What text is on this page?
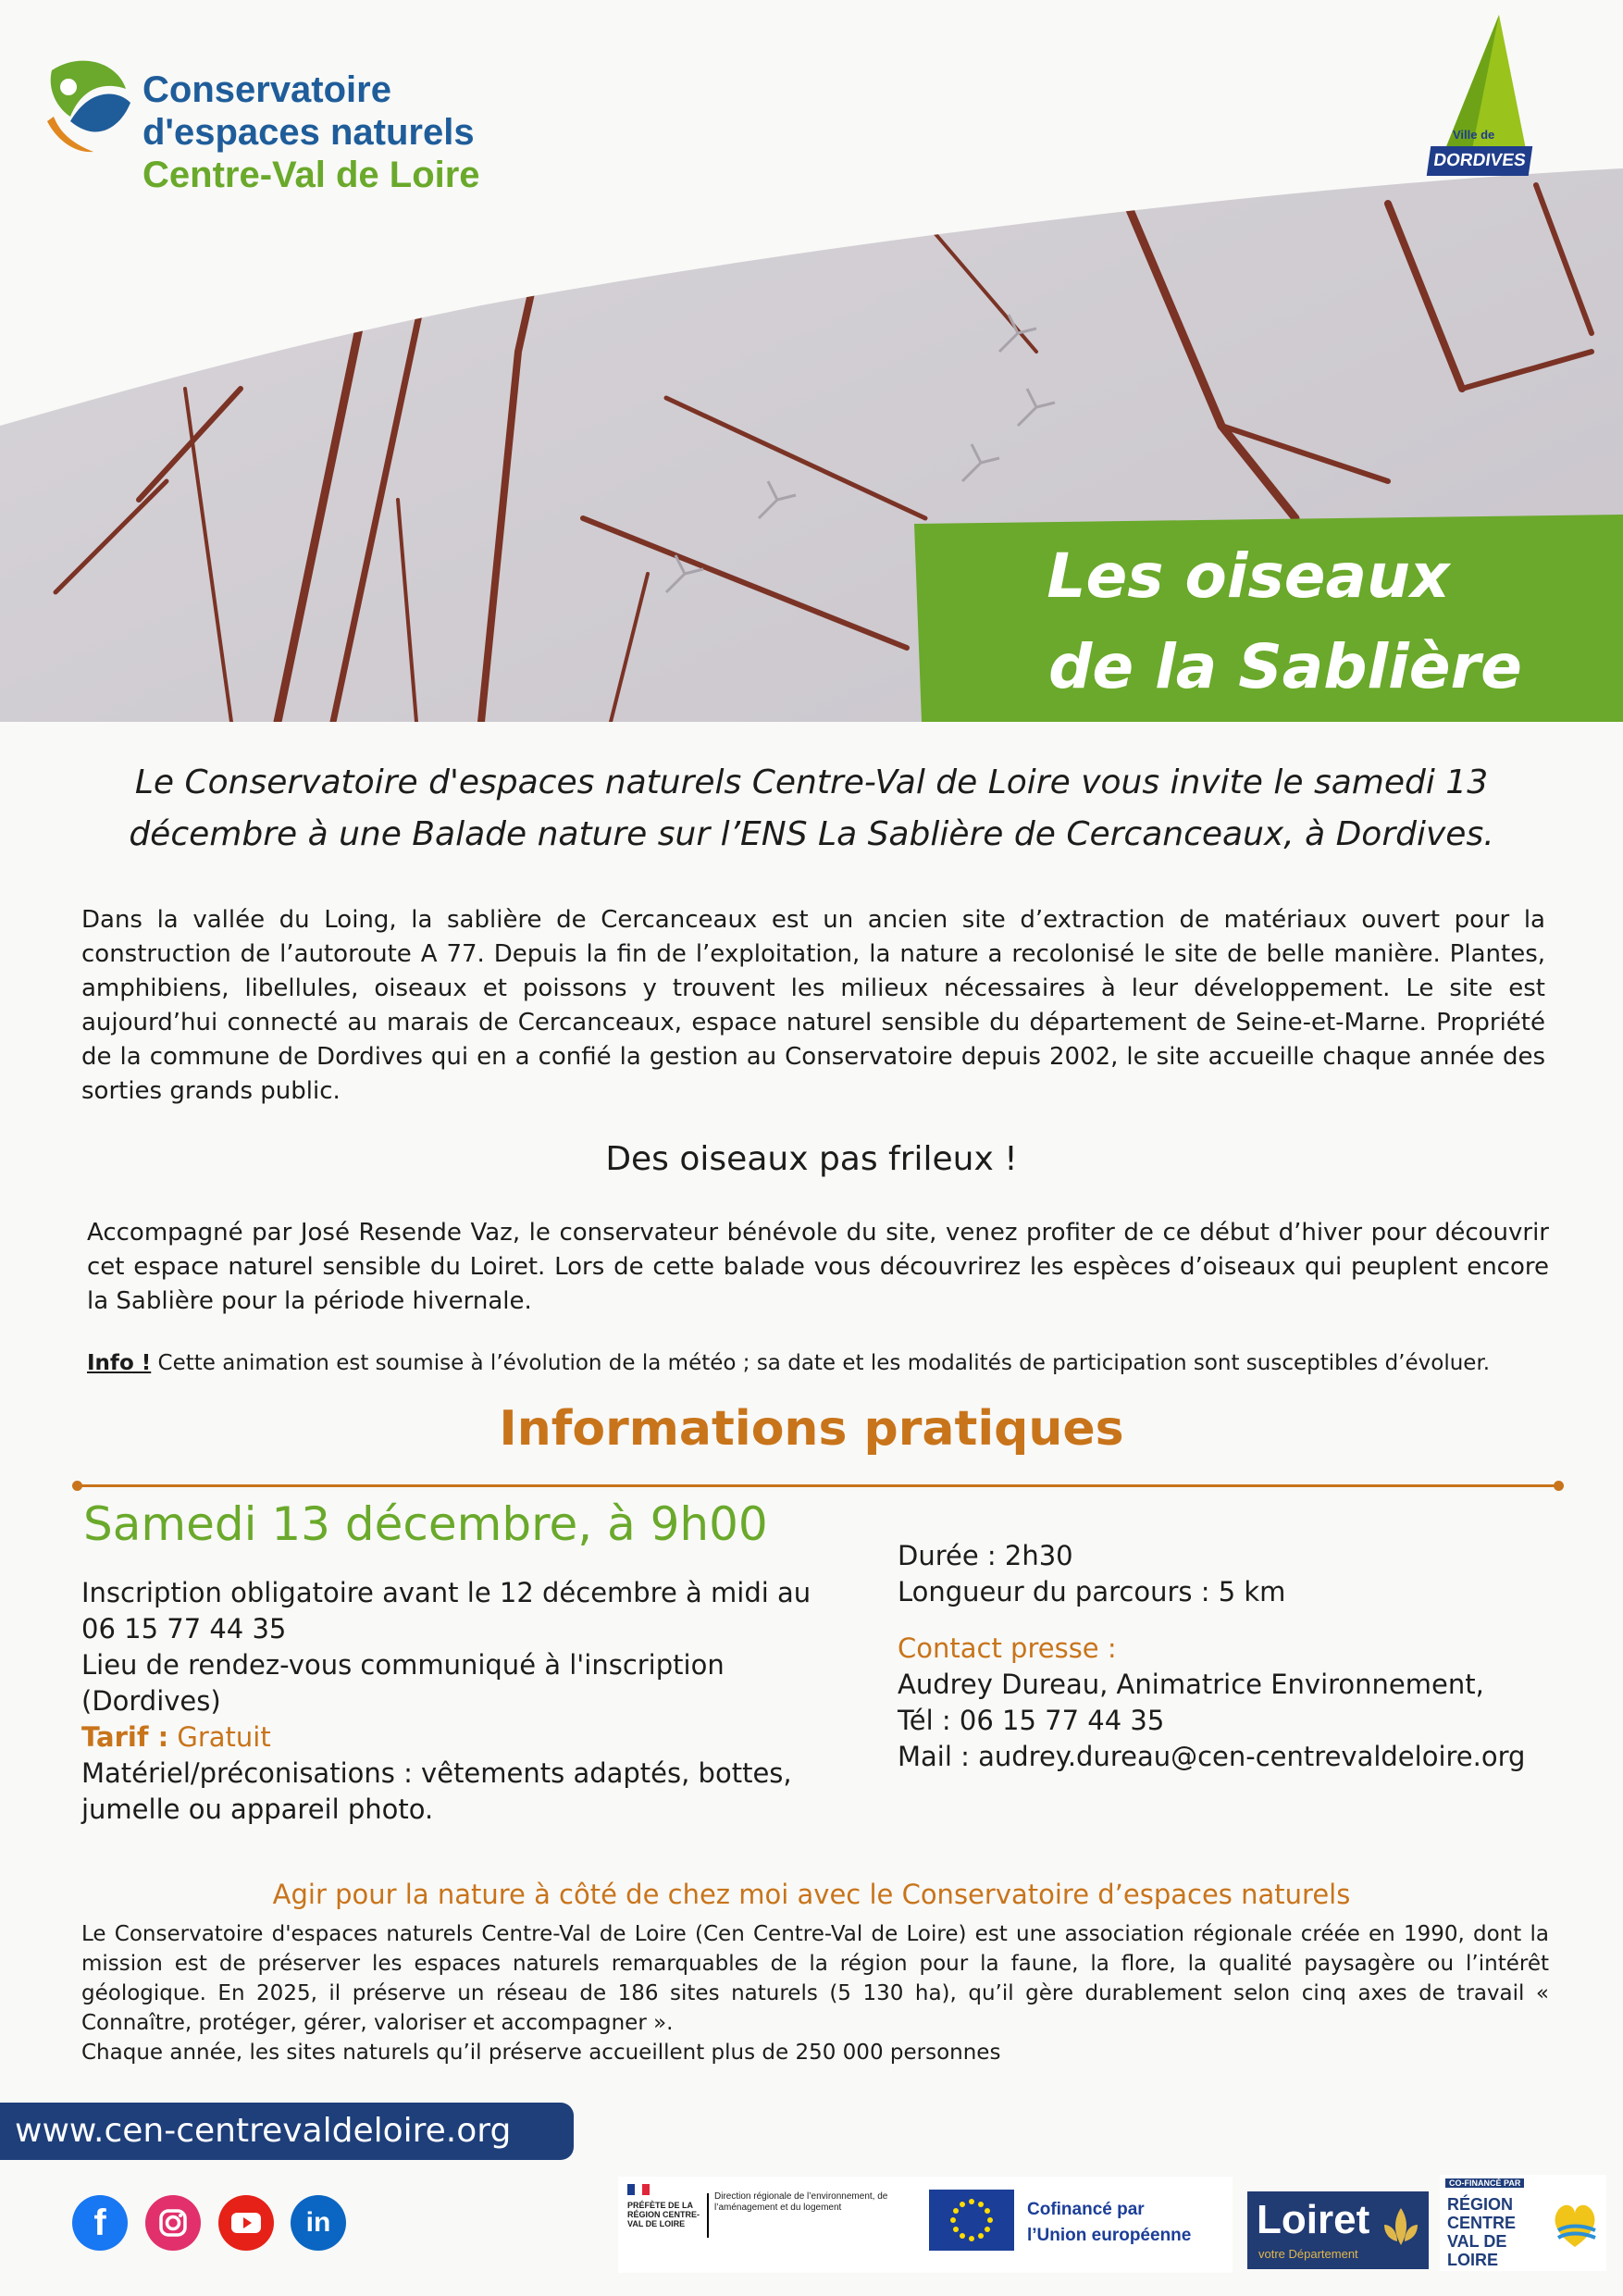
Conservatoire
d'espaces naturels
Centre-Val de Loire
Ville de
DORDIVES
Les oiseaux
de la Sablière
Le Conservatoire d'espaces naturels Centre-Val de Loire vous invite le samedi 13 décembre à une Balade nature sur l’ENS La Sablière de Cercanceaux, à Dordives.
Dans la vallée du Loing, la sablière de Cercanceaux est un ancien site d’extraction de matériaux ouvert pour la construction de l’autoroute A 77. Depuis la fin de l’exploitation, la nature a recolonisé le site de belle manière. Plantes, amphibiens, libellules, oiseaux et poissons y trouvent les milieux nécessaires à leur développement. Le site est aujourd’hui connecté au marais de Cercanceaux, espace naturel sensible du département de Seine-et-Marne. Propriété de la commune de Dordives qui en a confié la gestion au Conservatoire depuis 2002, le site accueille chaque année des sorties grands public.
Des oiseaux pas frileux !
Accompagné par José Resende Vaz, le conservateur bénévole du site, venez profiter de ce début d’hiver pour découvrir cet espace naturel sensible du Loiret. Lors de cette balade vous découvrirez les espèces d’oiseaux qui peuplent encore la Sablière pour la période hivernale.
Info ! Cette animation est soumise à l’évolution de la météo ; sa date et les modalités de participation sont susceptibles d’évoluer.
Informations pratiques
Samedi 13 décembre, à 9h00
Inscription obligatoire avant le 12 décembre à midi au 06 15 77 44 35
Lieu de rendez-vous communiqué à l'inscription (Dordives)
Tarif : Gratuit
Matériel/préconisations : vêtements adaptés, bottes, jumelle ou appareil photo.
Durée : 2h30
Longueur du parcours : 5 km
Contact presse :
Audrey Dureau, Animatrice Environnement,
Tél : 06 15 77 44 35
Mail : audrey.dureau@cen-centrevaldeloire.org
Agir pour la nature à côté de chez moi avec le Conservatoire d’espaces naturels
Le Conservatoire d'espaces naturels Centre-Val de Loire (Cen Centre-Val de Loire) est une association régionale créée en 1990, dont la mission est de préserver les espaces naturels remarquables de la région pour la faune, la flore, la qualité paysagère ou l’intérêt géologique. En 2025, il préserve un réseau de 186 sites naturels (5 130 ha), qu’il gère durablement selon cinq axes de travail « Connaître, protéger, gérer, valoriser et accompagner ».
Chaque année, les sites naturels qu’il préserve accueillent plus de 250 000 personnes
www.cen-centrevaldeloire.org
f	in
PRÉFÈTE DE LA RÉGION CENTRE-VAL DE LOIRE
Direction régionale de l’environnement, de l’aménagement et du logement	Cofinancé par
l’Union européenne Loiret
votre Département
CO-FINANCÉ PAR
RÉGION CENTRE VAL DE LOIRE
